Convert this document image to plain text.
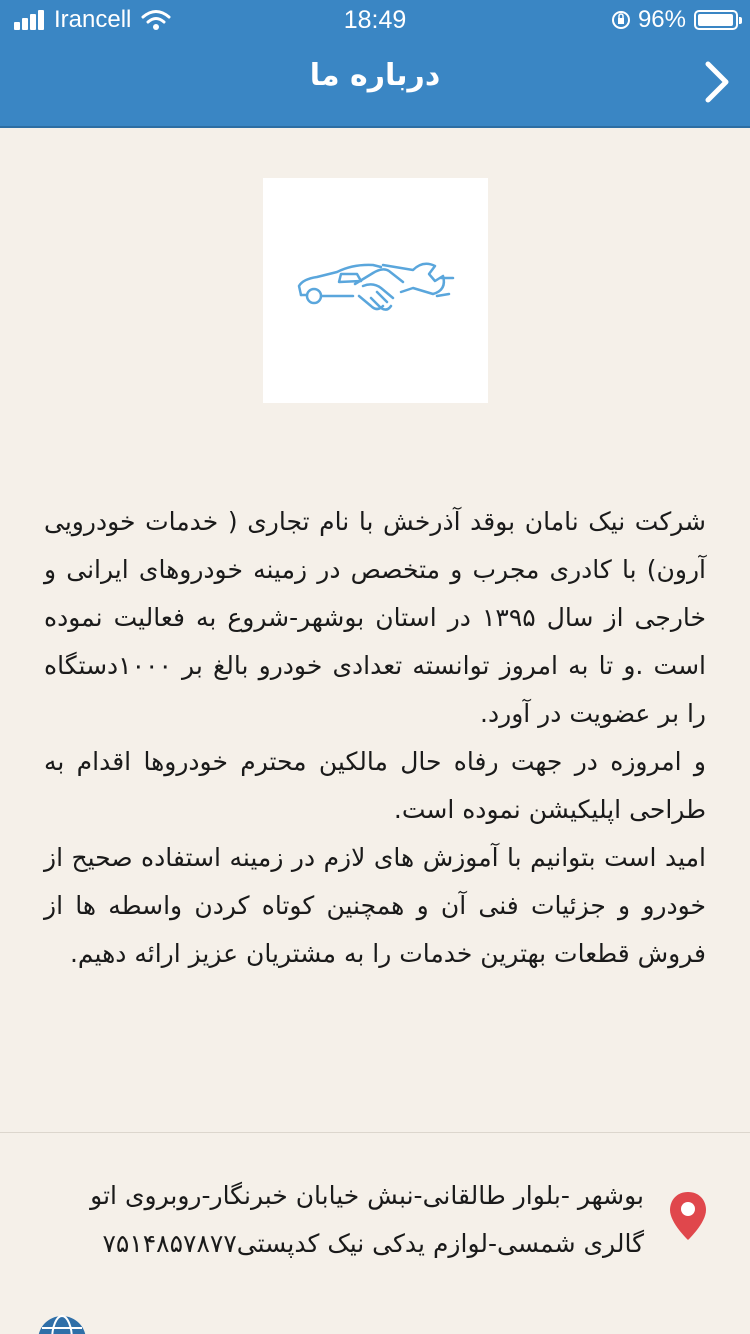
Irancell	18:49	96%
درباره ما

شرکت نیک نامان بوقد آذرخش با نام تجاری ( خدمات خودرویی آرون) با کادری مجرب و متخصص در زمینه خودروهای ایرانی و خارجی از سال ۱۳۹۵ در استان بوشهر-شروع به فعالیت نموده است .و تا به امروز توانسته تعدادی خودرو بالغ بر ۱۰۰۰دستگاه را بر عضویت در آورد.

و امروزه در جهت رفاه حال مالکین محترم خودروها اقدام به طراحی اپلیکیشن نموده است.

امید است بتوانیم با آموزش های لازم در زمینه استفاده صحیح از خودرو و جزئیات فنی آن و همچنین کوتاه کردن واسطه ها از فروش قطعات بهترین خدمات را به مشتریان عزیز ارائه دهیم.

بوشهر -بلوار طالقانی-نبش خیابان خبرنگار-روبروی اتو گالری شمسی-لوازم یدکی نیک کدپستی۷۵۱۴۸۵۷۸۷۷
